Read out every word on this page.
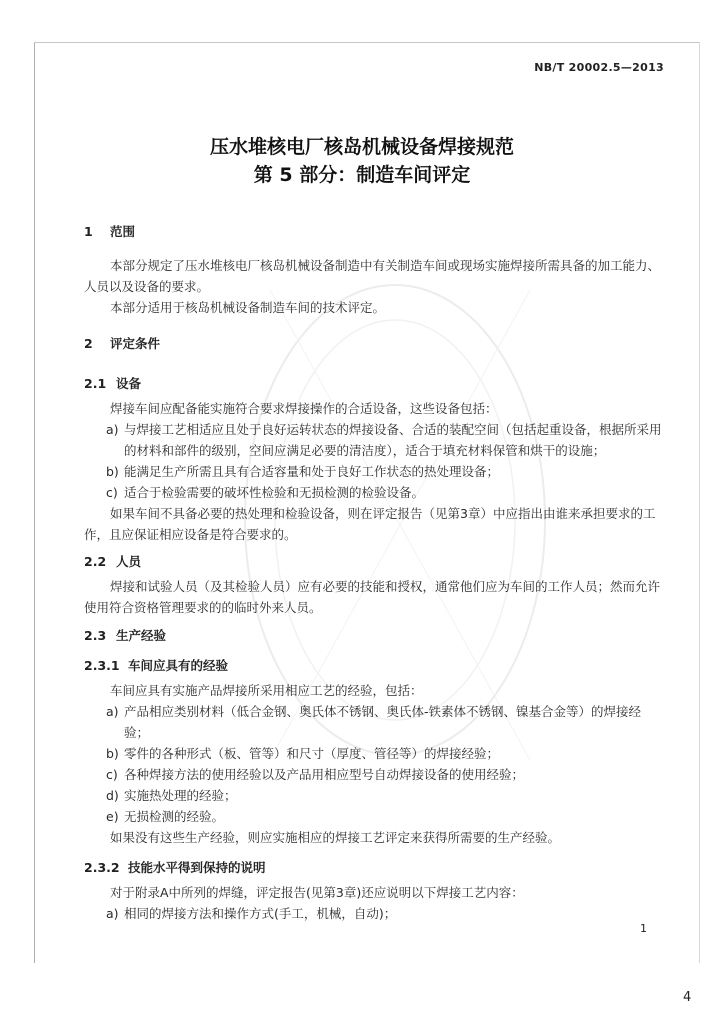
NB/T 20002.5—2013
压水堆核电厂核岛机械设备焊接规范
第 5 部分：制造车间评定
1 范围
本部分规定了压水堆核电厂核岛机械设备制造中有关制造车间或现场实施焊接所需具备的加工能力、人员以及设备的要求。
本部分适用于核岛机械设备制造车间的技术评定。
2 评定条件
2.1 设备
焊接车间应配备能实施符合要求焊接操作的合适设备，这些设备包括：
a) 与焊接工艺相适应且处于良好运转状态的焊接设备、合适的装配空间（包括起重设备，根据所采用的材料和部件的级别，空间应满足必要的清洁度），适合于填充材料保管和烘干的设施；
b) 能满足生产所需且具有合适容量和处于良好工作状态的热处理设备；
c) 适合于检验需要的破坏性检验和无损检测的检验设备。
如果车间不具备必要的热处理和检验设备，则在评定报告（见第3章）中应指出由谁来承担要求的工作，且应保证相应设备是符合要求的。
2.2 人员
焊接和试验人员（及其检验人员）应有必要的技能和授权，通常他们应为车间的工作人员；然而允许使用符合资格管理要求的的临时外来人员。
2.3 生产经验
2.3.1 车间应具有的经验
车间应具有实施产品焊接所采用相应工艺的经验，包括：
a) 产品相应类别材料（低合金钢、奥氏体不锈钢、奥氏体-铁素体不锈钢、镍基合金等）的焊接经验；
b) 零件的各种形式（板、管等）和尺寸（厚度、管径等）的焊接经验；
c) 各种焊接方法的使用经验以及产品用相应型号自动焊接设备的使用经验；
d) 实施热处理的经验；
e) 无损检测的经验。
如果没有这些生产经验，则应实施相应的焊接工艺评定来获得所需要的生产经验。
2.3.2 技能水平得到保持的说明
对于附录A中所列的焊缝，评定报告(见第3章)还应说明以下焊接工艺内容：
a) 相同的焊接方法和操作方式(手工，机械，自动)；
1
4
